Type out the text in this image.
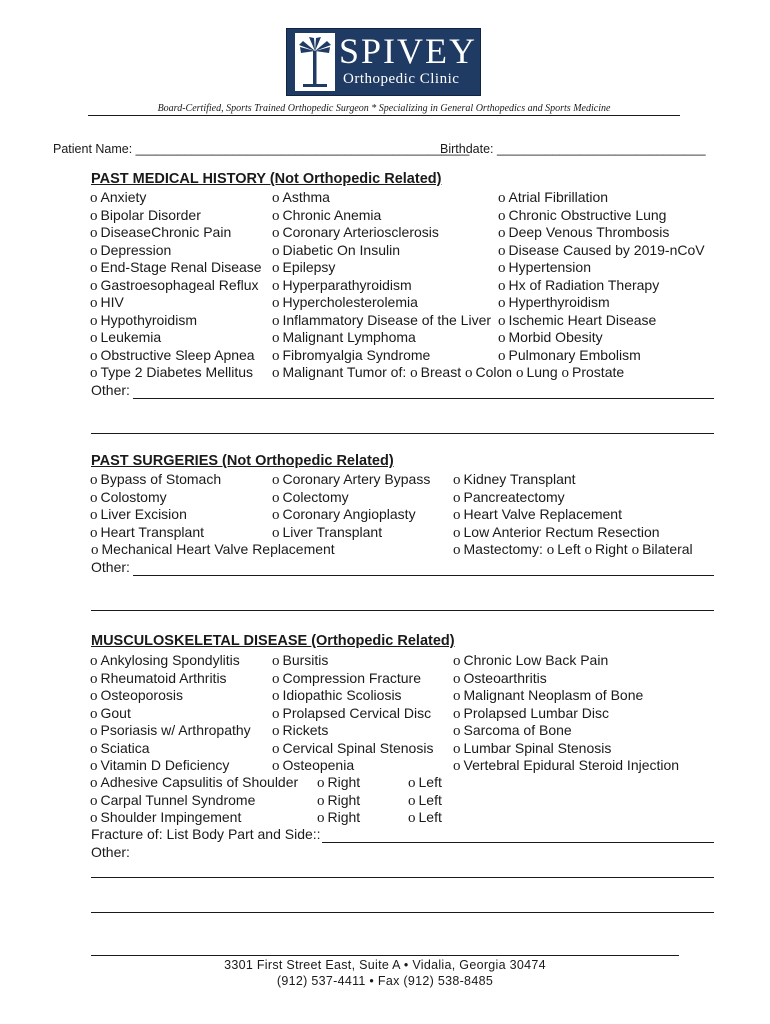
SPIVEY
Orthopedic Clinic
Board-Certified, Sports Trained Orthopedic Surgeon * Specializing in General Orthopedics and Sports Medicine
Patient Name: ________________________________________________
Birthdate: ______________________________
PAST MEDICAL HISTORY (Not Orthopedic Related)
o Anxiety
o Bipolar Disorder
o DiseaseChronic Pain
o Depression
o End-Stage Renal Disease
o Gastroesophageal Reflux
o HIV
o Hypothyroidism
o Leukemia
o Obstructive Sleep Apnea
o Type 2 Diabetes Mellitus
o Asthma
o Chronic Anemia
o Coronary Arteriosclerosis
o Diabetic On Insulin
o Epilepsy
o Hyperparathyroidism
o Hypercholesterolemia
o Inflammatory Disease of the Liver
o Malignant Lymphoma
o Fibromyalgia Syndrome
o Atrial Fibrillation
o Chronic Obstructive Lung
o Deep Venous Thrombosis
o Disease Caused by 2019-nCoV
o Hypertension
o Hx of Radiation Therapy
o Hyperthyroidism
o Ischemic Heart Disease
o Morbid Obesity
o Pulmonary Embolism
o Malignant Tumor of: o Breast o Colon o Lung o Prostate
Other:
PAST SURGERIES (Not Orthopedic Related)
o Bypass of Stomach
o Colostomy
o Liver Excision
o Heart Transplant
o Coronary Artery Bypass
o Colectomy
o Coronary Angioplasty
o Liver Transplant
o Kidney Transplant
o Pancreatectomy
o Heart Valve Replacement
o Low Anterior Rectum Resection
o Mechanical Heart Valve Replacement	o Mastectomy: o Left o Right o Bilateral
Other:
MUSCULOSKELETAL DISEASE (Orthopedic Related)
o Ankylosing Spondylitis
o Rheumatoid Arthritis
o Osteoporosis
o Gout
o Psoriasis w/ Arthropathy
o Sciatica
o Vitamin D Deficiency
o Bursitis
o Compression Fracture
o Idiopathic Scoliosis
o Prolapsed Cervical Disc
o Rickets
o Cervical Spinal Stenosis
o Osteopenia
o Chronic Low Back Pain
o Osteoarthritis
o Malignant Neoplasm of Bone
o Prolapsed Lumbar Disc
o Sarcoma of Bone
o Lumbar Spinal Stenosis
o Vertebral Epidural Steroid Injection
o Adhesive Capsulitis of Shoulder o Right	o Left
o Carpal Tunnel Syndrome	o Right	o Left
o Shoulder Impingement	o Right	o Left
Fracture of: List Body Part and Side::
Other:
3301 First Street East, Suite A • Vidalia, Georgia 30474
(912) 537-4411 • Fax (912) 538-8485
